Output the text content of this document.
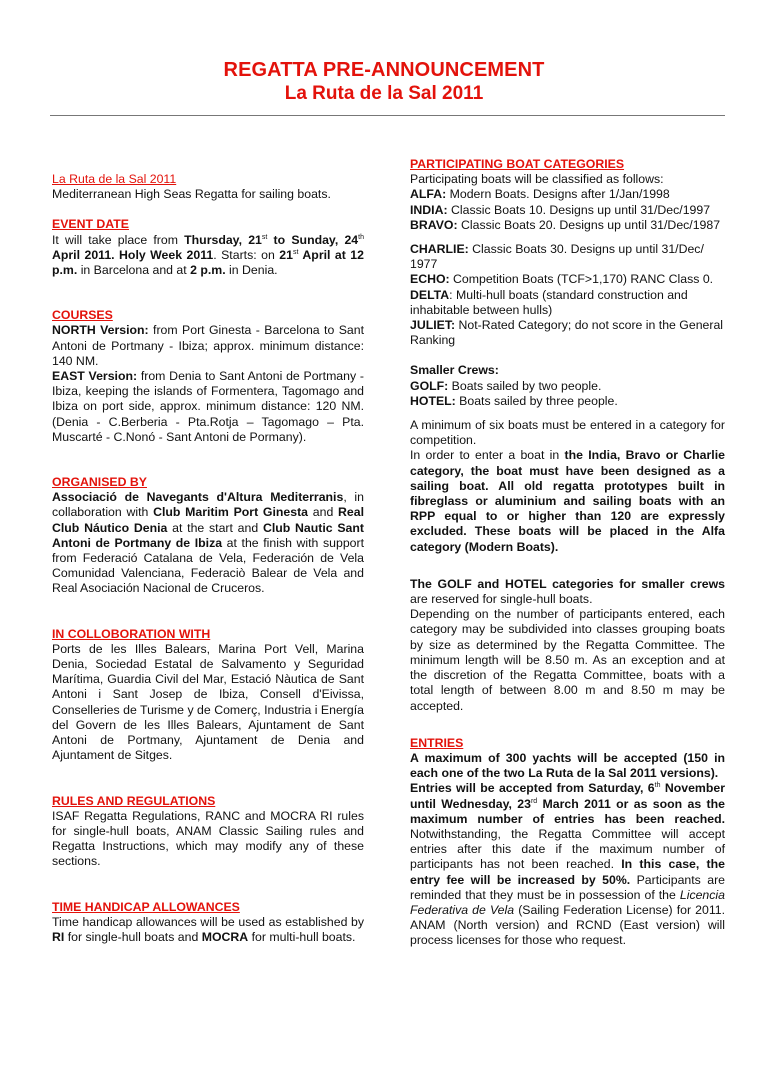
REGATTA PRE-ANNOUNCEMENT
La Ruta de la Sal 2011
La Ruta de la Sal 2011

Mediterranean High Seas Regatta for sailing boats.

EVENT DATE

It will take place from Thursday, 21st to Sunday, 24th April 2011. Holy Week 2011. Starts: on 21st April at 12 p.m. in Barcelona and at 2 p.m. in Denia.

COURSES

NORTH Version: from Port Ginesta - Barcelona to Sant Antoni de Portmany - Ibiza; approx. minimum distance: 140 NM.

EAST Version: from Denia to Sant Antoni de Portmany - Ibiza, keeping the islands of Formentera, Tagomago and Ibiza on port side, approx. minimum distance: 120 NM. (Denia - C.Berberia - Pta.Rotja – Tagomago – Pta. Muscarté - C.Nonó - Sant Antoni de Pormany).

ORGANISED BY

Associació de Navegants d'Altura Mediterranis, in collaboration with Club Maritim Port Ginesta and Real Club Náutico Denia at the start and Club Nautic Sant Antoni de Portmany de Ibiza at the finish with support from Federació Catalana de Vela, Federación de Vela Comunidad Valenciana, Federaciò Balear de Vela and Real Asociación Nacional de Cruceros.

IN COLLOBORATION WITH

Ports de les Illes Balears, Marina Port Vell, Marina Denia, Sociedad Estatal de Salvamento y Seguridad Marítima, Guardia Civil del Mar, Estació Nàutica de Sant Antoni i Sant Josep de Ibiza, Consell d'Eivissa, Conselleries de Turisme y de Comerç, Industria i Energía del Govern de les Illes Balears, Ajuntament de Sant Antoni de Portmany, Ajuntament de Denia and Ajuntament de Sitges.

RULES AND REGULATIONS

ISAF Regatta Regulations, RANC and MOCRA RI rules for single-hull boats, ANAM Classic Sailing rules and Regatta Instructions, which may modify any of these sections.

TIME HANDICAP ALLOWANCES

Time handicap allowances will be used as established by RI for single-hull boats and MOCRA for multi-hull boats.

PARTICIPATING BOAT CATEGORIES

Participating boats will be classified as follows:

ALFA: Modern Boats. Designs after 1/Jan/1998

INDIA: Classic Boats 10. Designs up until 31/Dec/1997

BRAVO: Classic Boats 20. Designs up until 31/Dec/1987

CHARLIE: Classic Boats 30. Designs up until 31/Dec/ 1977

ECHO: Competition Boats (TCF>1,170) RANC Class 0.

DELTA: Multi-hull boats (standard construction and inhabitable between hulls)

JULIET: Not-Rated Category; do not score in the General Ranking

Smaller Crews:

GOLF: Boats sailed by two people.

HOTEL: Boats sailed by three people.

A minimum of six boats must be entered in a category for competition.

In order to enter a boat in the India, Bravo or Charlie category, the boat must have been designed as a sailing boat. All old regatta prototypes built in fibreglass or aluminium and sailing boats with an RPP equal to or higher than 120 are expressly excluded. These boats will be placed in the Alfa category (Modern Boats).

The GOLF and HOTEL categories for smaller crews are reserved for single-hull boats.

Depending on the number of participants entered, each category may be subdivided into classes grouping boats by size as determined by the Regatta Committee. The minimum length will be 8.50 m. As an exception and at the discretion of the Regatta Committee, boats with a total length of between 8.00 m and 8.50 m may be accepted.

ENTRIES

A maximum of 300 yachts will be accepted (150 in each one of the two La Ruta de la Sal 2011 versions).

Entries will be accepted from Saturday, 6th November until Wednesday, 23rd March 2011 or as soon as the maximum number of entries has been reached. Notwithstanding, the Regatta Committee will accept entries after this date if the maximum number of participants has not been reached. In this case, the entry fee will be increased by 50%. Participants are reminded that they must be in possession of the Licencia Federativa de Vela (Sailing Federation License) for 2011. ANAM (North version) and RCND (East version) will process licenses for those who request.
